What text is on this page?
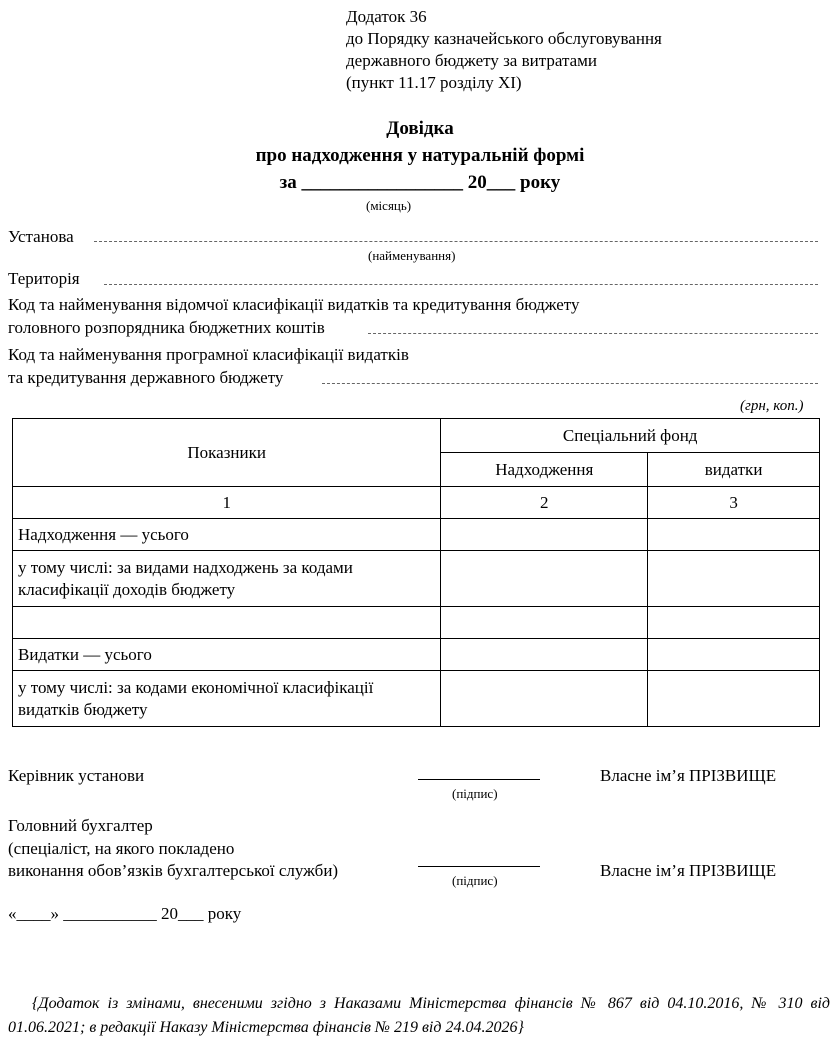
Додаток 36
до Порядку казначейського обслуговування
державного бюджету за витратами
(пункт 11.17 розділу XI)
Довідка
про надходження у натуральній формі
за _________________ 20___ року
(місяць)
Установа
(найменування)
Територія
Код та найменування відомчої класифікації видатків та кредитування бюджету
головного розпорядника бюджетних коштів
Код та найменування програмної класифікації видатків
та кредитування державного бюджету
(грн, коп.)
Показники	Спеціальний фонд	
	Надходження	видатки
1	2	3
Надходження — усього		
у тому числі: за видами надходжень за кодами класифікації доходів бюджету		

Видатки — усього		
у тому числі: за кодами економічної класифікації видатків бюджету		
Керівник установи
(підпис)
Власне ім’я ПРІЗВИЩЕ
Головний бухгалтер
(спеціаліст, на якого покладено
виконання обов’язків бухгалтерської служби)
(підпис)
Власне ім’я ПРІЗВИЩЕ
«____» ___________ 20___ року
{Додаток із змінами, внесеними згідно з Наказами Міністерства фінансів № 867 від 04.10.2016, № 310 від 01.06.2021; в редакції Наказу Міністерства фінансів № 219 від 24.04.2026}
